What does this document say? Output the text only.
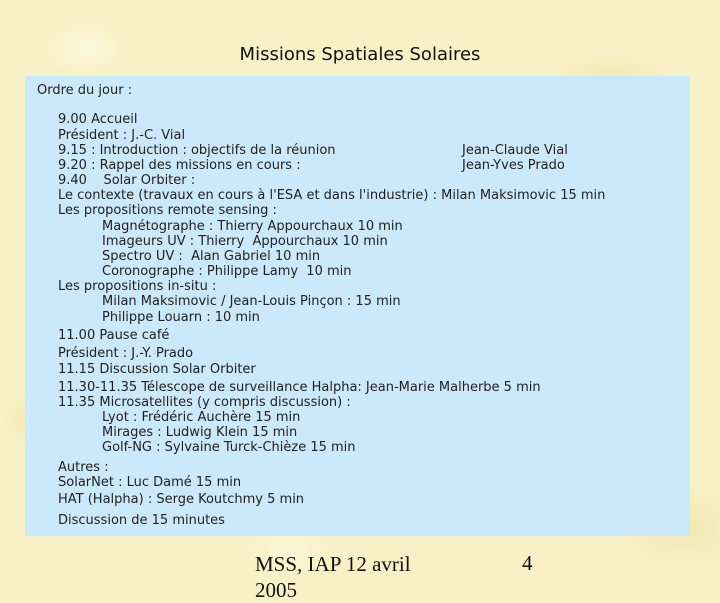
Missions Spatiales Solaires
Ordre du jour :
9.00 Accueil
Président : J.-C. Vial
9.15 : Introduction : objectifs de la réunion	Jean-Claude Vial
9.20 : Rappel des missions en cours :	Jean-Yves Prado
9.40    Solar Orbiter :
Le contexte (travaux en cours à l'ESA et dans l'industrie) : Milan Maksimovic 15 min
Les propositions remote sensing :
Magnétographe : Thierry Appourchaux 10 min
Imageurs UV : Thierry  Appourchaux 10 min
Spectro UV :  Alan Gabriel 10 min
Coronographe : Philippe Lamy  10 min
Les propositions in-situ :
Milan Maksimovic / Jean-Louis Pinçon : 15 min
Philippe Louarn : 10 min
11.00 Pause café
Président : J.-Y. Prado
11.15 Discussion Solar Orbiter
11.30-11.35 Télescope de surveillance Halpha: Jean-Marie Malherbe 5 min
11.35 Microsatellites (y compris discussion) :
Lyot : Frédéric Auchère 15 min
Mirages : Ludwig Klein 15 min
Golf-NG : Sylvaine Turck-Chièze 15 min
Autres :
SolarNet : Luc Damé 15 min
HAT (Halpha) : Serge Koutchmy 5 min
Discussion de 15 minutes
MSS, IAP 12 avril 2005
4
